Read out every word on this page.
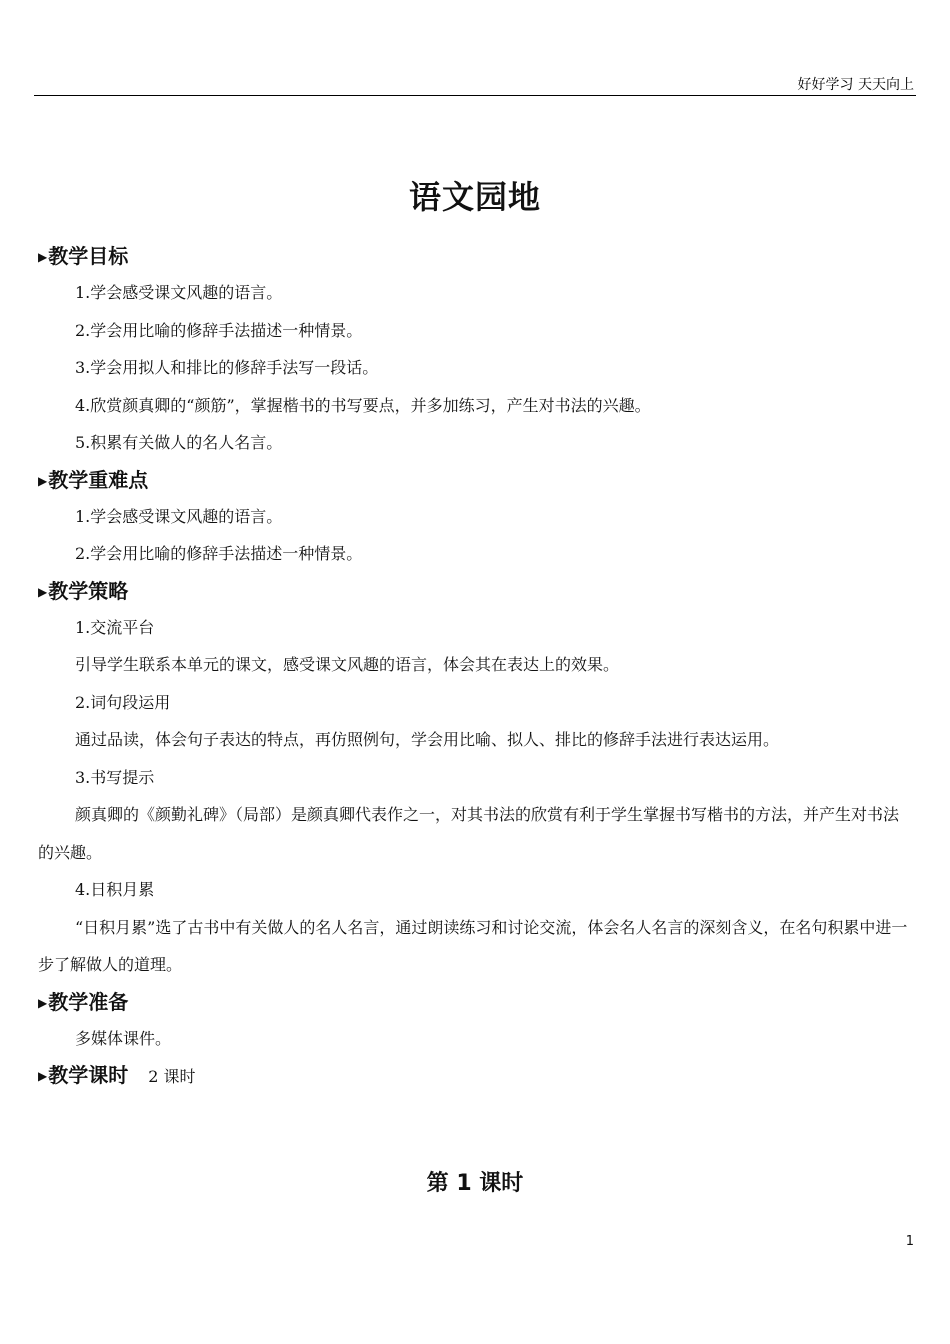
好好学习 天天向上
语文园地
▶教学目标
1.学会感受课文风趣的语言。
2.学会用比喻的修辞手法描述一种情景。
3.学会用拟人和排比的修辞手法写一段话。
4.欣赏颜真卿的“颜筋”，掌握楷书的书写要点，并多加练习，产生对书法的兴趣。
5.积累有关做人的名人名言。
▶教学重难点
1.学会感受课文风趣的语言。
2.学会用比喻的修辞手法描述一种情景。
▶教学策略
1.交流平台
引导学生联系本单元的课文，感受课文风趣的语言，体会其在表达上的效果。
2.词句段运用
通过品读，体会句子表达的特点，再仿照例句，学会用比喻、拟人、排比的修辞手法进行表达运用。
3.书写提示
颜真卿的《颜勤礼碑》（局部）是颜真卿代表作之一，对其书法的欣赏有利于学生掌握书写楷书的方法，并产生对书法的兴趣。
4.日积月累
“日积月累”选了古书中有关做人的名人名言，通过朗读练习和讨论交流，体会名人名言的深刻含义，在名句积累中进一步了解做人的道理。
▶教学准备
多媒体课件。
▶教学课时 2 课时
第 1 课时
1
